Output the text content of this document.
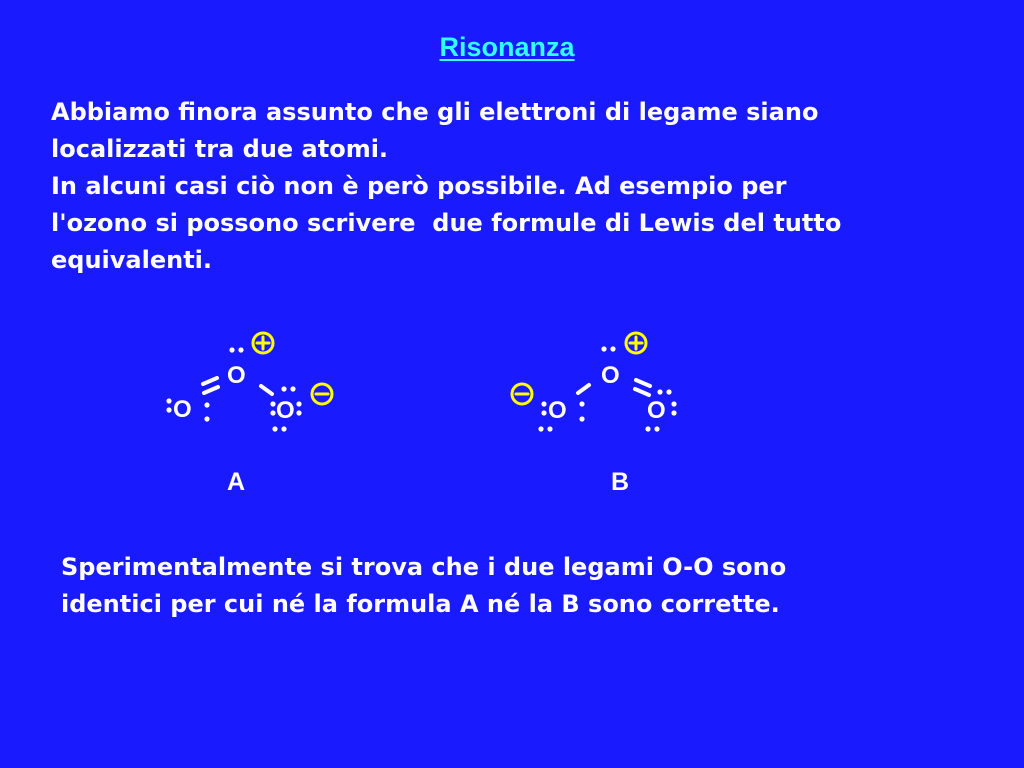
Risonanza

Abbiamo finora assunto che gli elettroni di legame siano
localizzati tra due atomi.
In alcuni casi ciò non è però possibile. Ad esempio per
l'ozono si possono scrivere  due formule di Lewis del tutto
equivalenti.

O
O	O
A
O
O	O
B

Sperimentalmente si trova che i due legami O-O sono
identici per cui né la formula A né la B sono corrette.
